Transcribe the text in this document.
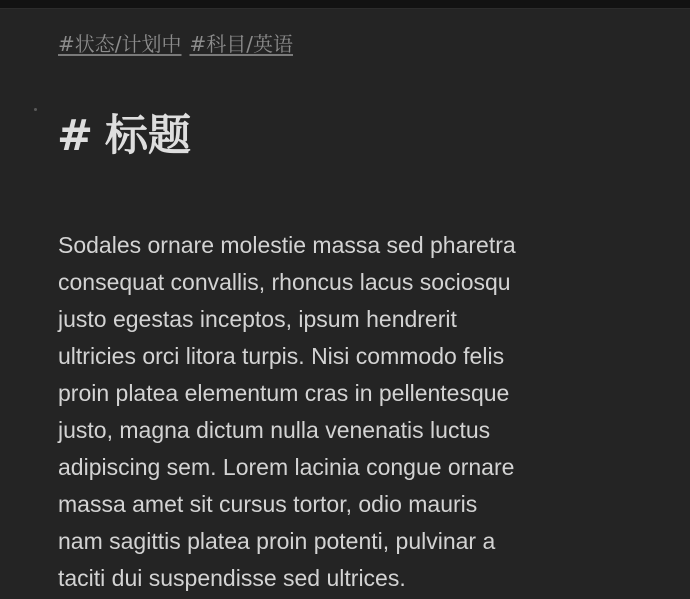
#状态/计划中 #科目/英语
# 标题

Sodales ornare molestie massa sed pharetra
consequat convallis, rhoncus lacus sociosqu
justo egestas inceptos, ipsum hendrerit
ultricies orci litora turpis. Nisi commodo felis
proin platea elementum cras in pellentesque
justo, magna dictum nulla venenatis luctus
adipiscing sem. Lorem lacinia congue ornare
massa amet sit cursus tortor, odio mauris
nam sagittis platea proin potenti, pulvinar a
taciti dui suspendisse sed ultrices.
